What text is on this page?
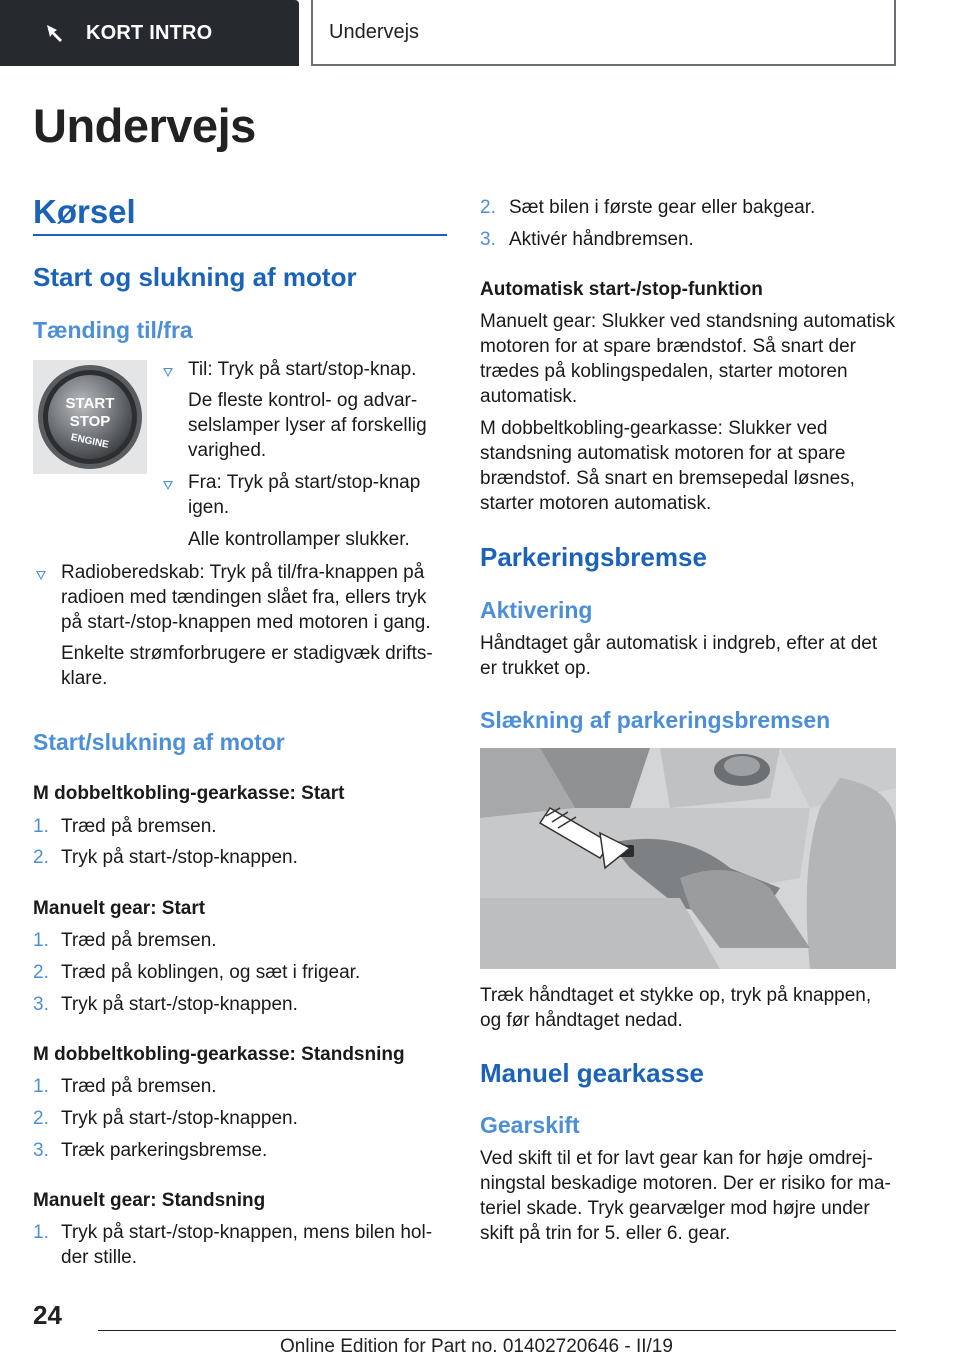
KORT INTRO	Undervejs
Undervejs
Kørsel
Start og slukning af motor
Tænding til/fra
START
STOP
ENGINE

Til: Tryk på start/stop-knap.

De fleste kontrol- og advar-

selslamper lyser af forskellig

varighed.

Fra: Tryk på start/stop-knap

igen.

Alle kontrollamper slukker.

Radioberedskab: Tryk på til/fra-knappen på

radioen med tændingen slået fra, ellers tryk

på start-/stop-knappen med motoren i gang.

Enkelte strømforbrugere er stadigvæk drifts-

klare.

Start/slukning af motor

M dobbeltkobling-gearkasse: Start

1. Træd på bremsen.

2. Tryk på start-/stop-knappen.

Manuelt gear: Start

1. Træd på bremsen.

2. Træd på koblingen, og sæt i frigear.

3. Tryk på start-/stop-knappen.

M dobbeltkobling-gearkasse: Standsning

1. Træd på bremsen.

2. Tryk på start-/stop-knappen.

3. Træk parkeringsbremse.

Manuelt gear: Standsning

1. Tryk på start-/stop-knappen, mens bilen hol-

der stille.

2. Sæt bilen i første gear eller bakgear.

3. Aktivér håndbremsen.

Automatisk start-/stop-funktion

Manuelt gear: Slukker ved standsning automatisk

motoren for at spare brændstof. Så snart der

trædes på koblingspedalen, starter motoren

automatisk.

M dobbeltkobling-gearkasse: Slukker ved

standsning automatisk motoren for at spare

brændstof. Så snart en bremsepedal løsnes,

starter motoren automatisk.

Parkeringsbremse
Aktivering

Håndtaget går automatisk i indgreb, efter at det

er trukket op.

Slækning af parkeringsbremsen

Træk håndtaget et stykke op, tryk på knappen,

og før håndtaget nedad.

Manuel gearkasse
Gearskift

Ved skift til et for lavt gear kan for høje omdrej-

ningstal beskadige motoren. Der er risiko for ma-

teriel skade. Tryk gearvælger mod højre under

skift på trin for 5. eller 6. gear.

24
Online Edition for Part no. 01402720646 - II/19
